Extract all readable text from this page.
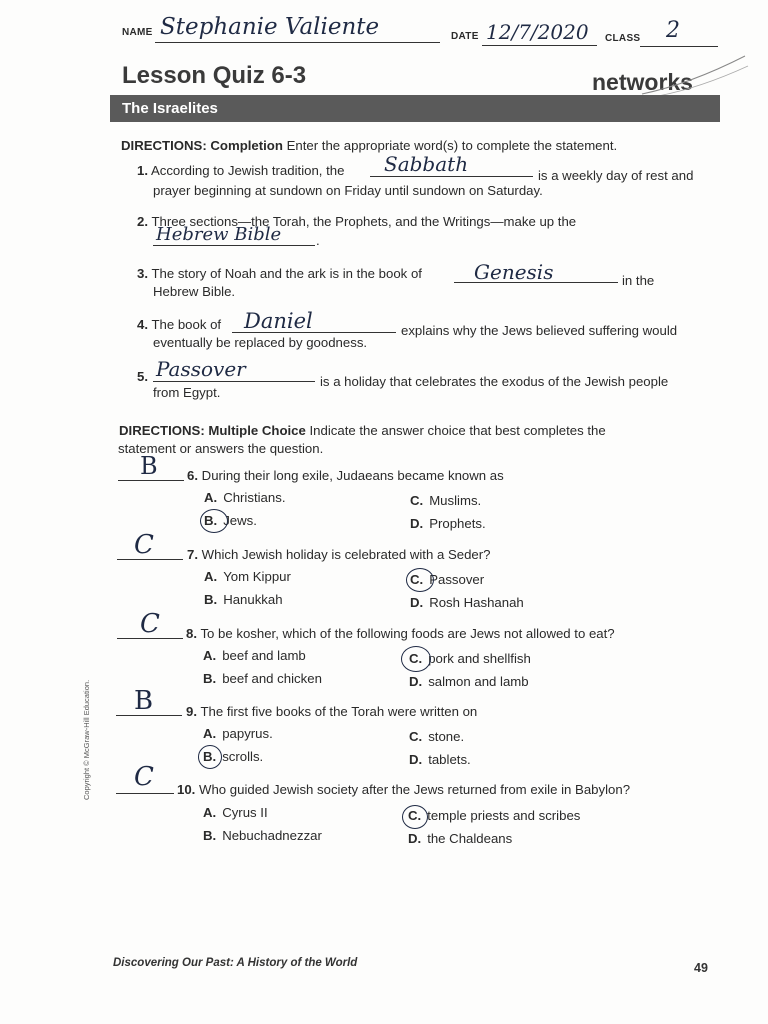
NAME Stephanie Valiente	DATE 12/7/2020 CLASS 2
Lesson Quiz 6-3	networks
The Israelites
DIRECTIONS: Completion Enter the appropriate word(s) to complete the statement.
1. According to Jewish tradition, the Sabbath	is a weekly day of rest and
prayer beginning at sundown on Friday until sundown on Saturday.
2. Three sections—the Torah, the Prophets, and the Writings—make up the
Hebrew Bible	.
3. The story of Noah and the ark is in the book of	Genesis	in the
Hebrew Bible.
4. The book of Daniel	explains why the Jews believed suffering would
eventually be replaced by goodness.
5. Passover
is a holiday that celebrates the exodus of the Jewish people
from Egypt.
DIRECTIONS: Multiple Choice Indicate the answer choice that best completes the
statement or answers the question.
B 6. During their long exile, Judaeans became known as
A. Christians.
B. Jews.
C. Muslims.
D. Prophets.
C	7. Which Jewish holiday is celebrated with a Seder?
A. Yom Kippur
B. Hanukkah
C. Passover
D. Rosh Hashanah
C 8. To be kosher, which of the following foods are Jews not allowed to eat?
A. beef and lamb
B. beef and chicken
C. pork and shellfish
D. salmon and lamb
B 9. The first five books of the Torah were written on
A. papyrus.
B. scrolls.
C. stone.
D. tablets.
C 10. Who guided Jewish society after the Jews returned from exile in Babylon?
A. Cyrus II
B. Nebuchadnezzar
C. temple priests and scribes
D. the Chaldeans
Copyright © McGraw-Hill Education.
Discovering Our Past: A History of the World	49
